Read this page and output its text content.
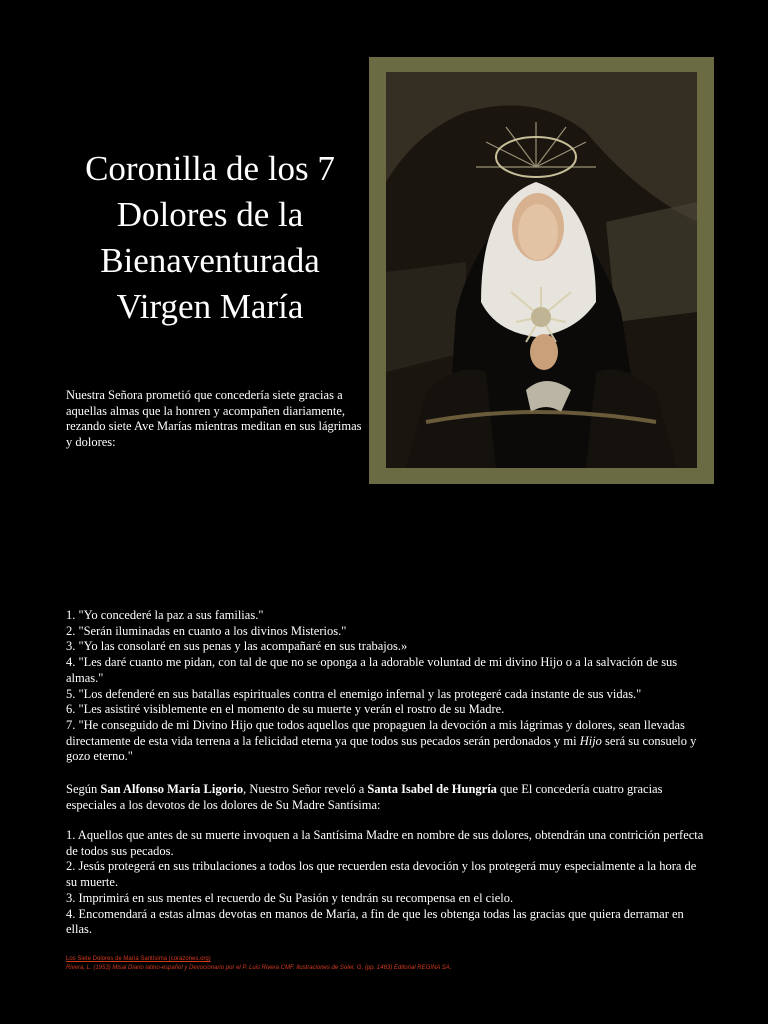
Coronilla de los 7
Dolores de la
Bienaventurada
Virgen María

Nuestra Señora prometió que concedería siete gracias a aquellas almas que la honren y acompañen diariamente, rezando siete Ave Marías mientras meditan en sus lágrimas y dolores:

1. "Yo concederé la paz a sus familias."
2. "Serán iluminadas en cuanto a los divinos Misterios."
3. "Yo las consolaré en sus penas y las acompañaré en sus trabajos.»
4. "Les daré cuanto me pidan, con tal de que no se oponga a la adorable voluntad de mi divino Hijo o a la salvación de sus almas."
5. "Los defenderé en sus batallas espirituales contra el enemigo infernal y las protegeré cada instante de sus vidas."
6. "Les asistiré visiblemente en el momento de su muerte y verán el rostro de su Madre.
7. "He conseguido de mi Divino Hijo que todos aquellos que propaguen la devoción a mis lágrimas y dolores, sean llevadas directamente de esta vida terrena a la felicidad eterna ya que todos sus pecados serán perdonados y mi Hijo será su consuelo y gozo eterno."

Según San Alfonso María Ligorio, Nuestro Señor reveló a Santa Isabel de Hungría que El concedería cuatro gracias especiales a los devotos de los dolores de Su Madre Santísima:

1. Aquellos que antes de su muerte invoquen a la Santísima Madre en nombre de sus dolores, obtendrán una contrición perfecta de todos sus pecados.
2. Jesús protegerá en sus tribulaciones a todos los que recuerden esta devoción y los protegerá muy especialmente a la hora de su muerte.
3. Imprimirá en sus mentes el recuerdo de Su Pasión y tendrán su recompensa en el cielo.
4. Encomendará a estas almas devotas en manos de María, a fin de que les obtenga todas las gracias que quiera derramar en ellas.
Los Siete Dolores de María Santísima (corazones.org)
Rivera, L. (1953) Misal Diario latino-español y Devocionario por el P. Luis Rivera CMF. Ilustraciones de Soler, G. (pp. 1463) Editorial REGINA SA.
